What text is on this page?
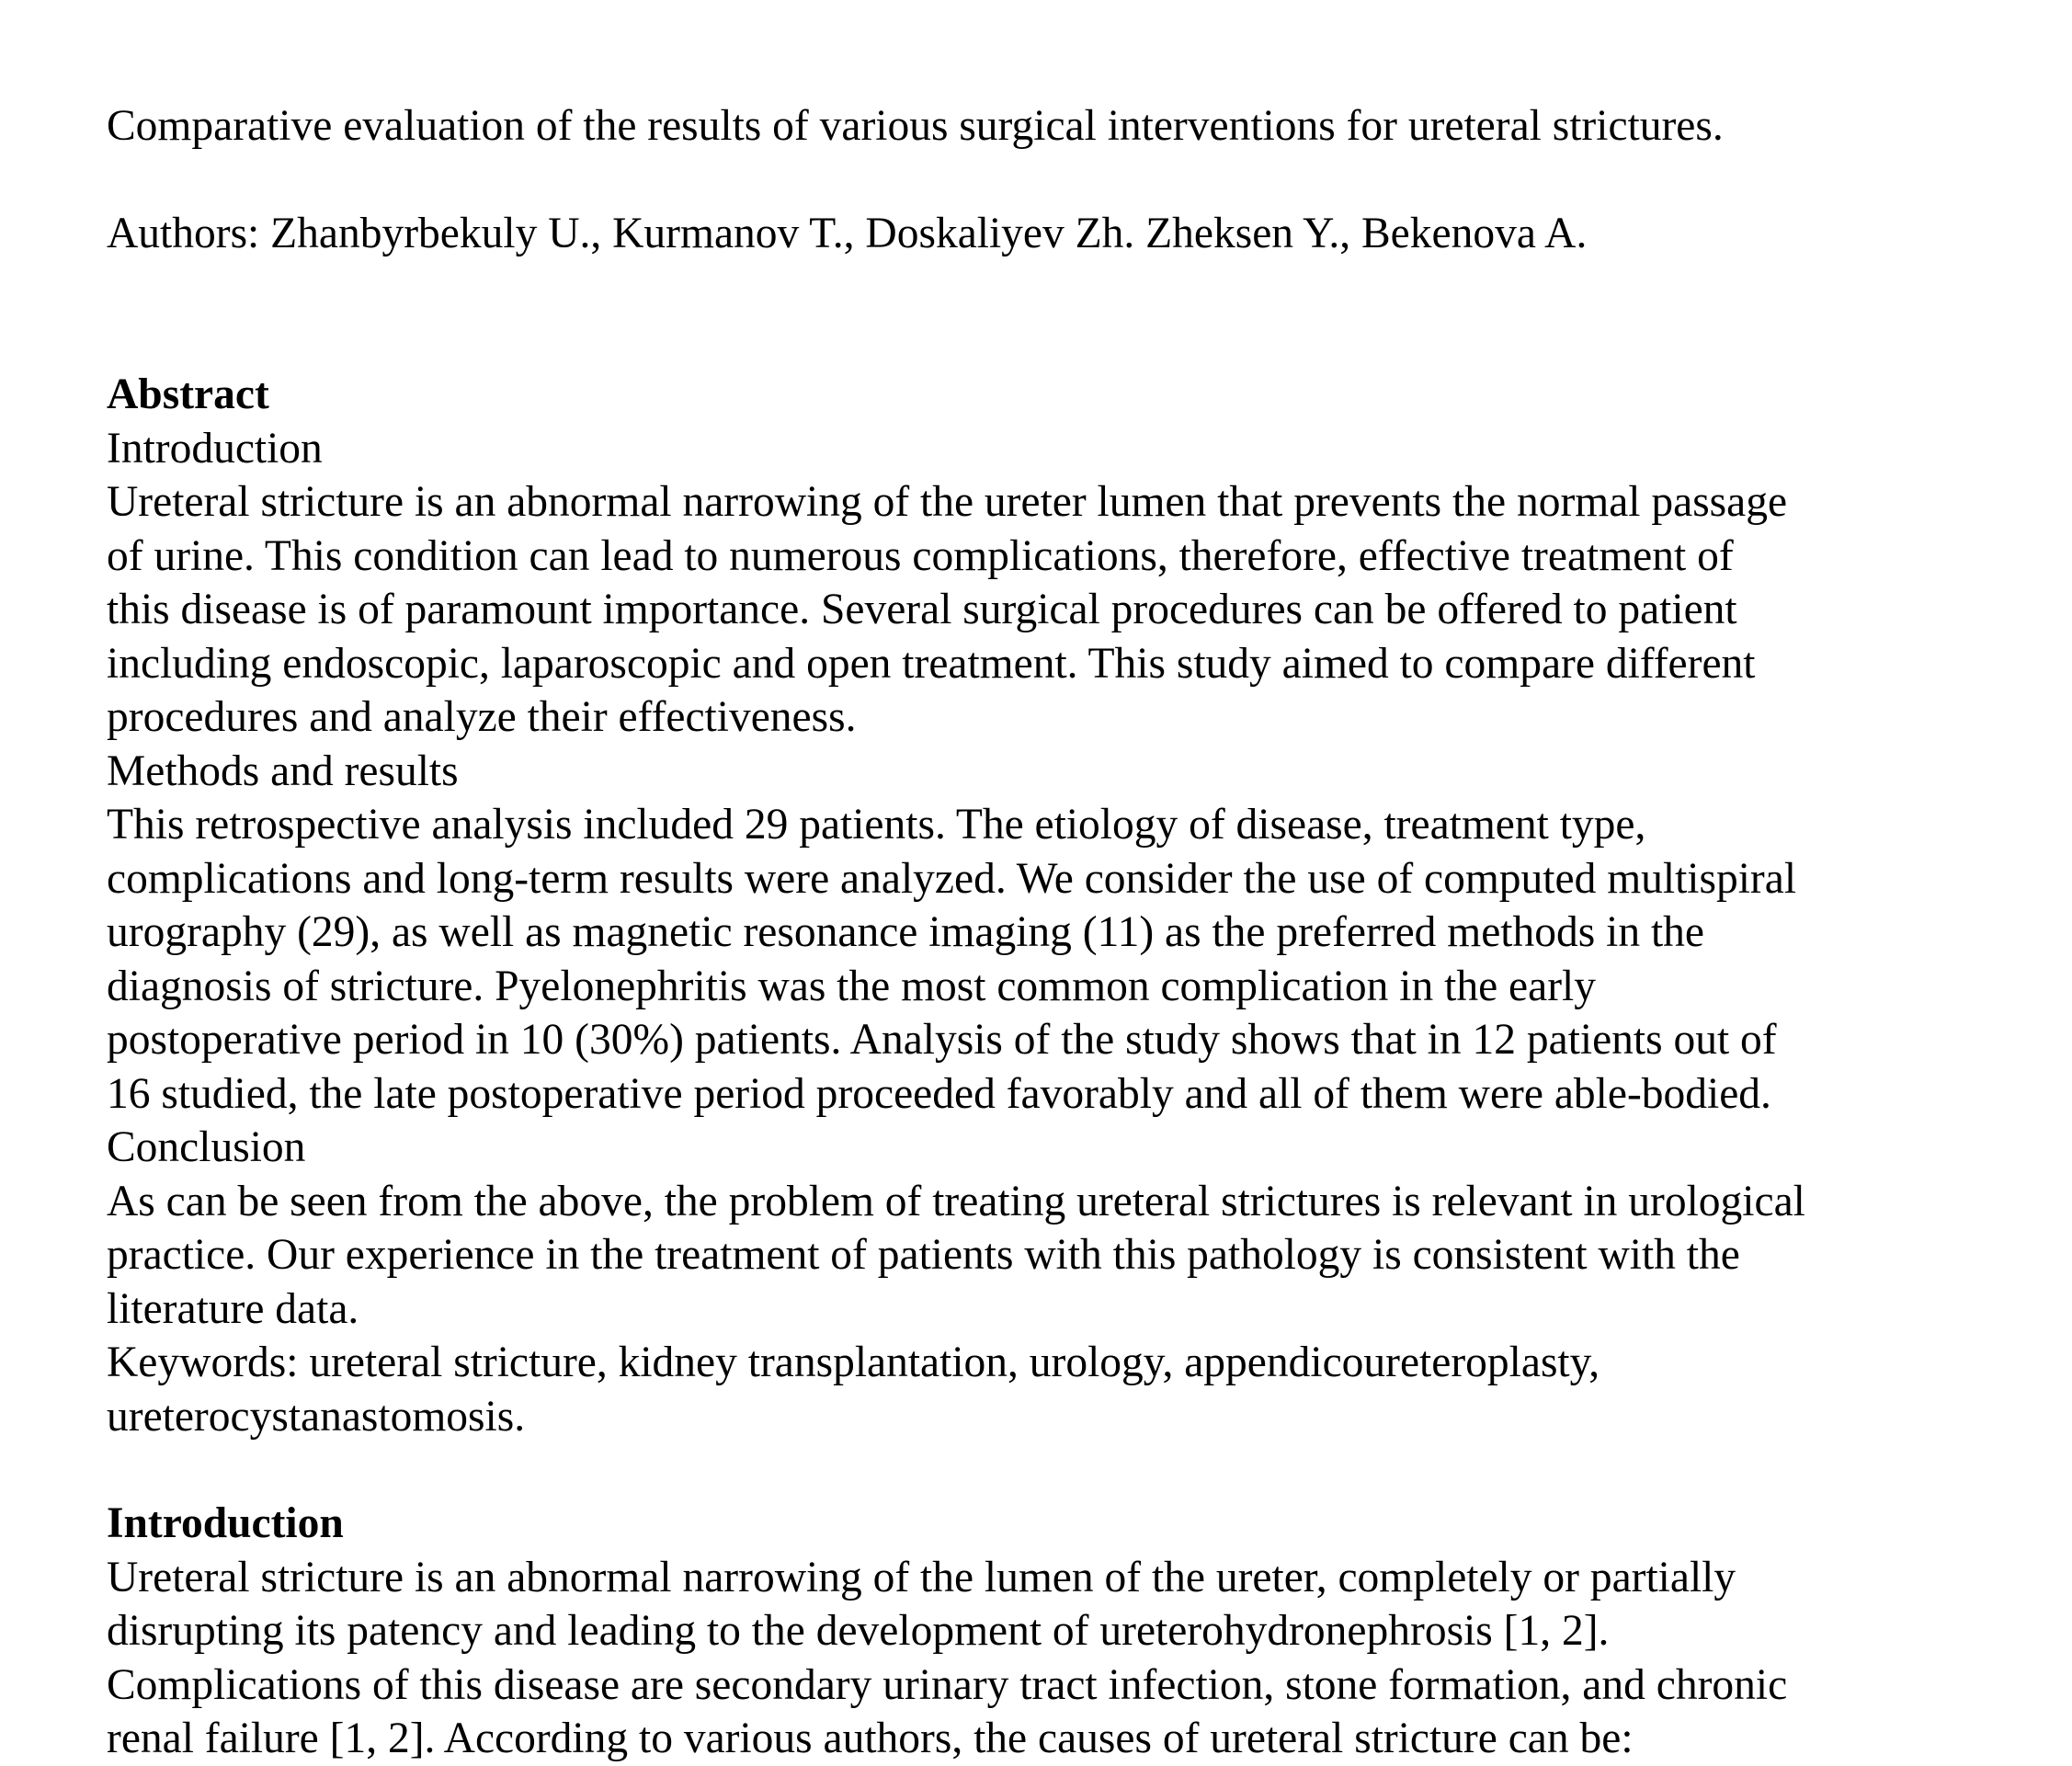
Comparative evaluation of the results of various surgical interventions for ureteral strictures.

Authors: Zhanbyrbekuly U., Kurmanov T., Doskaliyev Zh. Zheksen Y., Bekenova A.

Abstract
Introduction

Ureteral stricture is an abnormal narrowing of the ureter lumen that prevents the normal passage
of urine. This condition can lead to numerous complications, therefore, effective treatment of
this disease is of paramount importance. Several surgical procedures can be offered to patient
including endoscopic, laparoscopic and open treatment. This study aimed to compare different
procedures and analyze their effectiveness.

Methods and results

This retrospective analysis included 29 patients. The etiology of disease, treatment type,
complications and long-term results were analyzed. We consider the use of computed multispiral
urography (29), as well as magnetic resonance imaging (11) as the preferred methods in the
diagnosis of stricture. Pyelonephritis was the most common complication in the early
postoperative period in 10 (30%) patients. Analysis of the study shows that in 12 patients out of
16 studied, the late postoperative period proceeded favorably and all of them were able-bodied.

Conclusion

As can be seen from the above, the problem of treating ureteral strictures is relevant in urological
practice. Our experience in the treatment of patients with this pathology is consistent with the
literature data.

Keywords: ureteral stricture, kidney transplantation, urology, appendicoureteroplasty,
ureterocystanastomosis.

Introduction

Ureteral stricture is an abnormal narrowing of the lumen of the ureter, completely or partially
disrupting its patency and leading to the development of ureterohydronephrosis [1, 2].
Complications of this disease are secondary urinary tract infection, stone formation, and chronic
renal failure [1, 2]. According to various authors, the causes of ureteral stricture can be:
